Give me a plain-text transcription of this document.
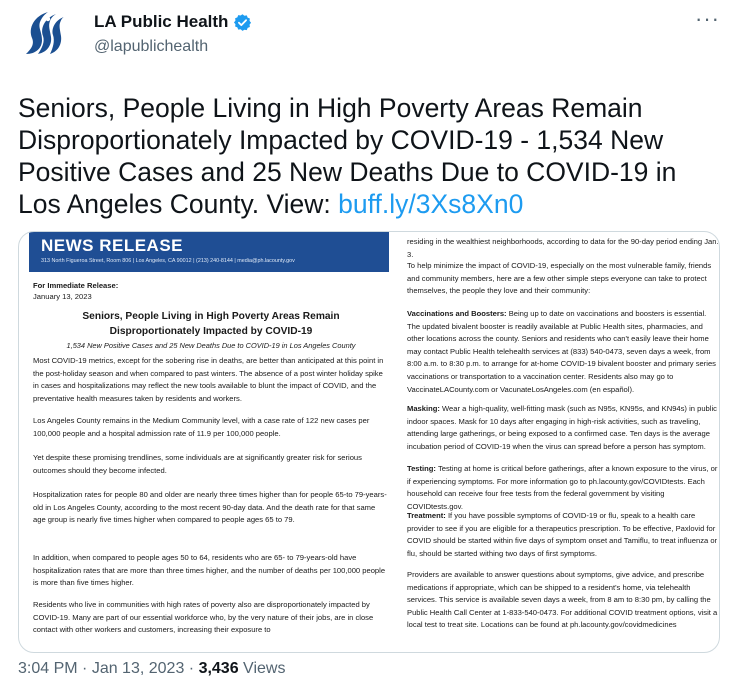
LA Public Health
@lapublichealth
···
Seniors, People Living in High Poverty Areas Remain Disproportionately Impacted by COVID-19 - 1,534 New Positive Cases and 25 New Deaths Due to COVID-19 in Los Angeles County. View: buff.ly/3Xs8Xn0
NEWS RELEASE
313 North Figueroa Street, Room 806 | Los Angeles, CA 90012 | (213) 240-8144 | media@ph.lacounty.gov
For Immediate Release:
January 13, 2023
Seniors, People Living in High Poverty Areas Remain
Disproportionately Impacted by COVID-19
1,534 New Positive Cases and 25 New Deaths Due to COVID-19 in Los Angeles County
Most COVID-19 metrics, except for the sobering rise in deaths, are better than anticipated at this point in the post-holiday season and when compared to past winters. The absence of a post winter holiday spike in cases and hospitalizations may reflect the new tools available to blunt the impact of COVID, and the preventative health measures taken by residents and workers.
Los Angeles County remains in the Medium Community level, with a case rate of 122 new cases per 100,000 people and a hospital admission rate of 11.9 per 100,000 people.
Yet despite these promising trendlines, some individuals are at significantly greater risk for serious outcomes should they become infected.
Hospitalization rates for people 80 and older are nearly three times higher than for people 65-to 79-years-old in Los Angeles County, according to the most recent 90-day data. And the death rate for that same age group is nearly five times higher when compared to people ages 65 to 79.
In addition, when compared to people ages 50 to 64, residents who are 65- to 79-years-old have hospitalization rates that are more than three times higher, and the number of deaths per 100,000 people is more than five times higher.
Residents who live in communities with high rates of poverty also are disproportionately impacted by COVID-19. Many are part of our essential workforce who, by the very nature of their jobs, are in close contact with other workers and customers, increasing their exposure to
residing in the wealthiest neighborhoods, according to data for the 90-day period ending Jan. 3.
To help minimize the impact of COVID-19, especially on the most vulnerable family, friends and community members, here are a few other simple steps everyone can take to protect themselves, the people they love and their community:
Vaccinations and Boosters: Being up to date on vaccinations and boosters is essential. The updated bivalent booster is readily available at Public Health sites, pharmacies, and other locations across the county. Seniors and residents who can't easily leave their home may contact Public Health telehealth services at (833) 540-0473, seven days a week, from 8:00 a.m. to 8:30 p.m. to arrange for at-home COVID-19 bivalent booster and primary series vaccinations or transportation to a vaccination center. Residents also may go to VaccinateLACounty.com or VacunateLosAngeles.com (en español).
Masking: Wear a high-quality, well-fitting mask (such as N95s, KN95s, and KN94s) in public indoor spaces. Mask for 10 days after engaging in high-risk activities, such as traveling, attending large gatherings, or being exposed to a confirmed case. Ten days is the average incubation period of COVID-19 when the virus can spread before a person has symptom.
Testing: Testing at home is critical before gatherings, after a known exposure to the virus, or if experiencing symptoms. For more information go to ph.lacounty.gov/COVIDtests. Each household can receive four free tests from the federal government by visiting COVIDtests.gov.
Treatment: If you have possible symptoms of COVID-19 or flu, speak to a health care provider to see if you are eligible for a therapeutics prescription. To be effective, Paxlovid for COVID should be started within five days of symptom onset and Tamiflu, to treat influenza or flu, should be started withing two days of first symptoms.
Providers are available to answer questions about symptoms, give advice, and prescribe medications if appropriate, which can be shipped to a resident's home, via telehealth services. This service is available seven days a week, from 8 am to 8:30 pm, by calling the Public Health Call Center at 1-833-540-0473. For additional COVID treatment options, visit a local test to treat site. Locations can be found at ph.lacounty.gov/covidmedicines
3:04 PM · Jan 13, 2023 · 3,436 Views
